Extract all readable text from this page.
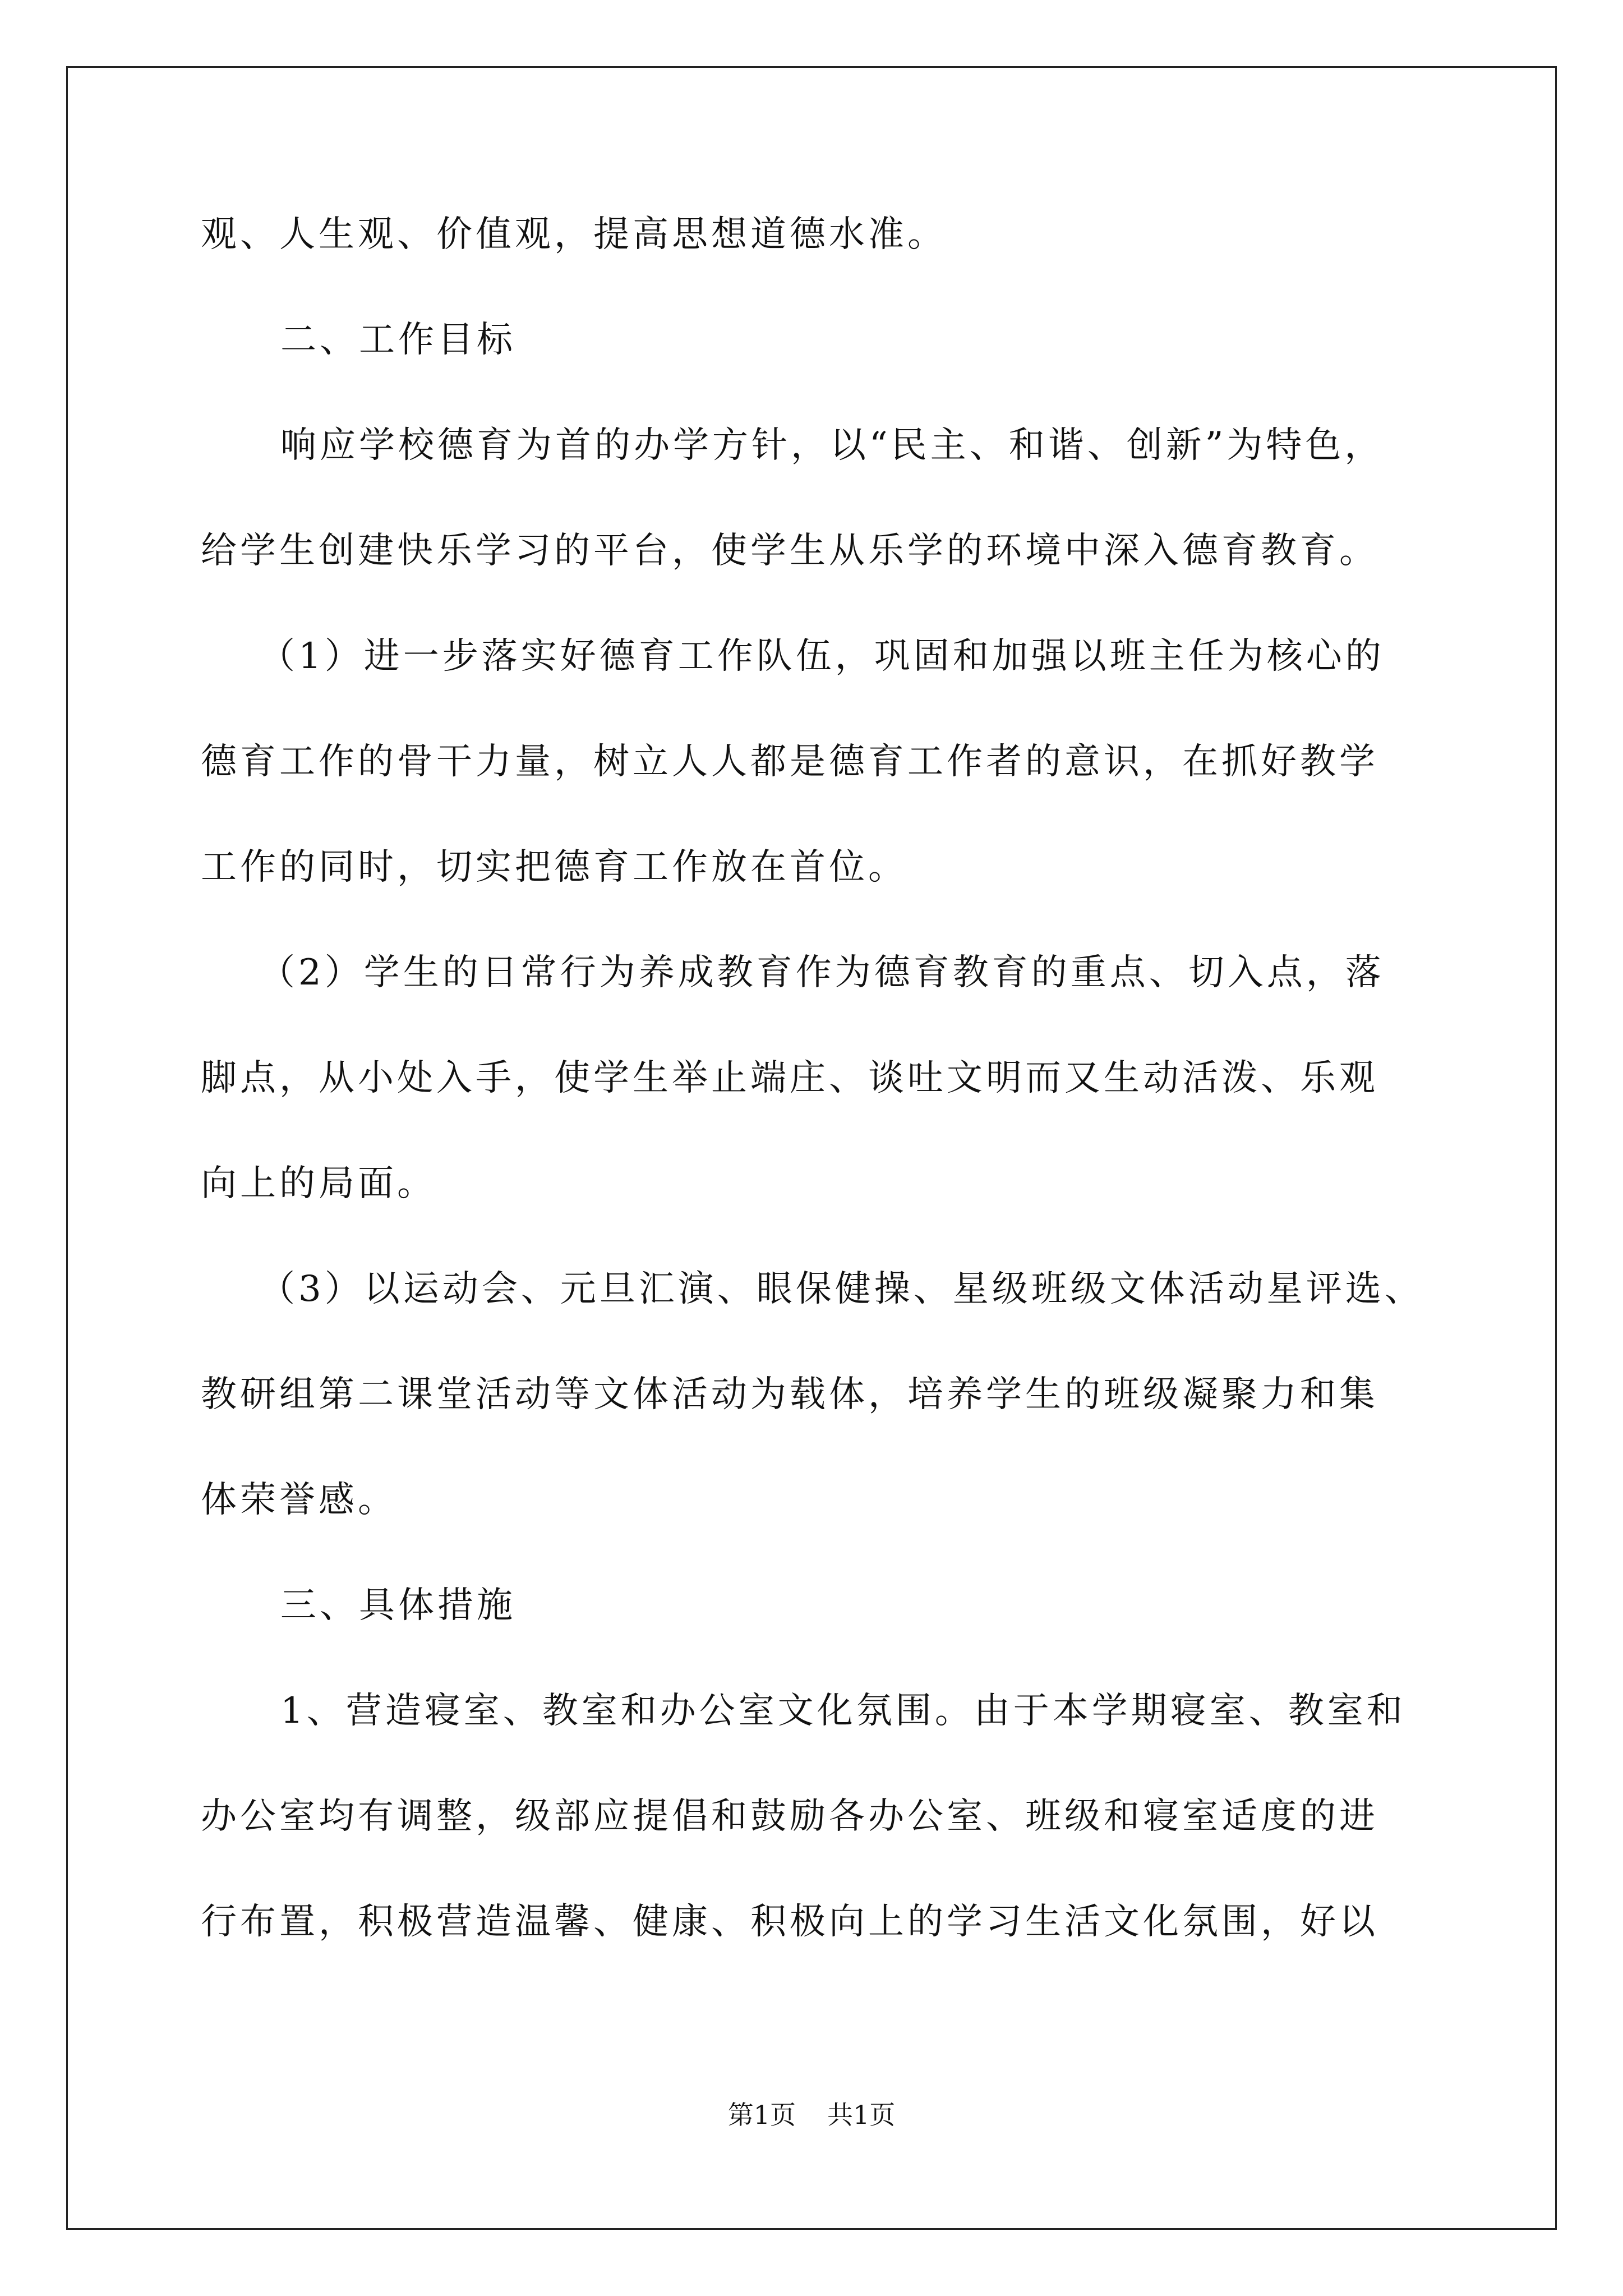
观、人生观、价值观，提高思想道德水准。
二、工作目标
响应学校德育为首的办学方针，以“民主、和谐、创新”为特色，
给学生创建快乐学习的平台，使学生从乐学的环境中深入德育教育。
（1）进一步落实好德育工作队伍，巩固和加强以班主任为核心的
德育工作的骨干力量，树立人人都是德育工作者的意识，在抓好教学
工作的同时，切实把德育工作放在首位。
（2）学生的日常行为养成教育作为德育教育的重点、切入点，落
脚点，从小处入手，使学生举止端庄、谈吐文明而又生动活泼、乐观
向上的局面。
（3）以运动会、元旦汇演、眼保健操、星级班级文体活动星评选、
教研组第二课堂活动等文体活动为载体，培养学生的班级凝聚力和集
体荣誉感。
三、具体措施
1、营造寝室、教室和办公室文化氛围。由于本学期寝室、教室和
办公室均有调整，级部应提倡和鼓励各办公室、班级和寝室适度的进
行布置，积极营造温馨、健康、积极向上的学习生活文化氛围，好以
第1页 共1页
